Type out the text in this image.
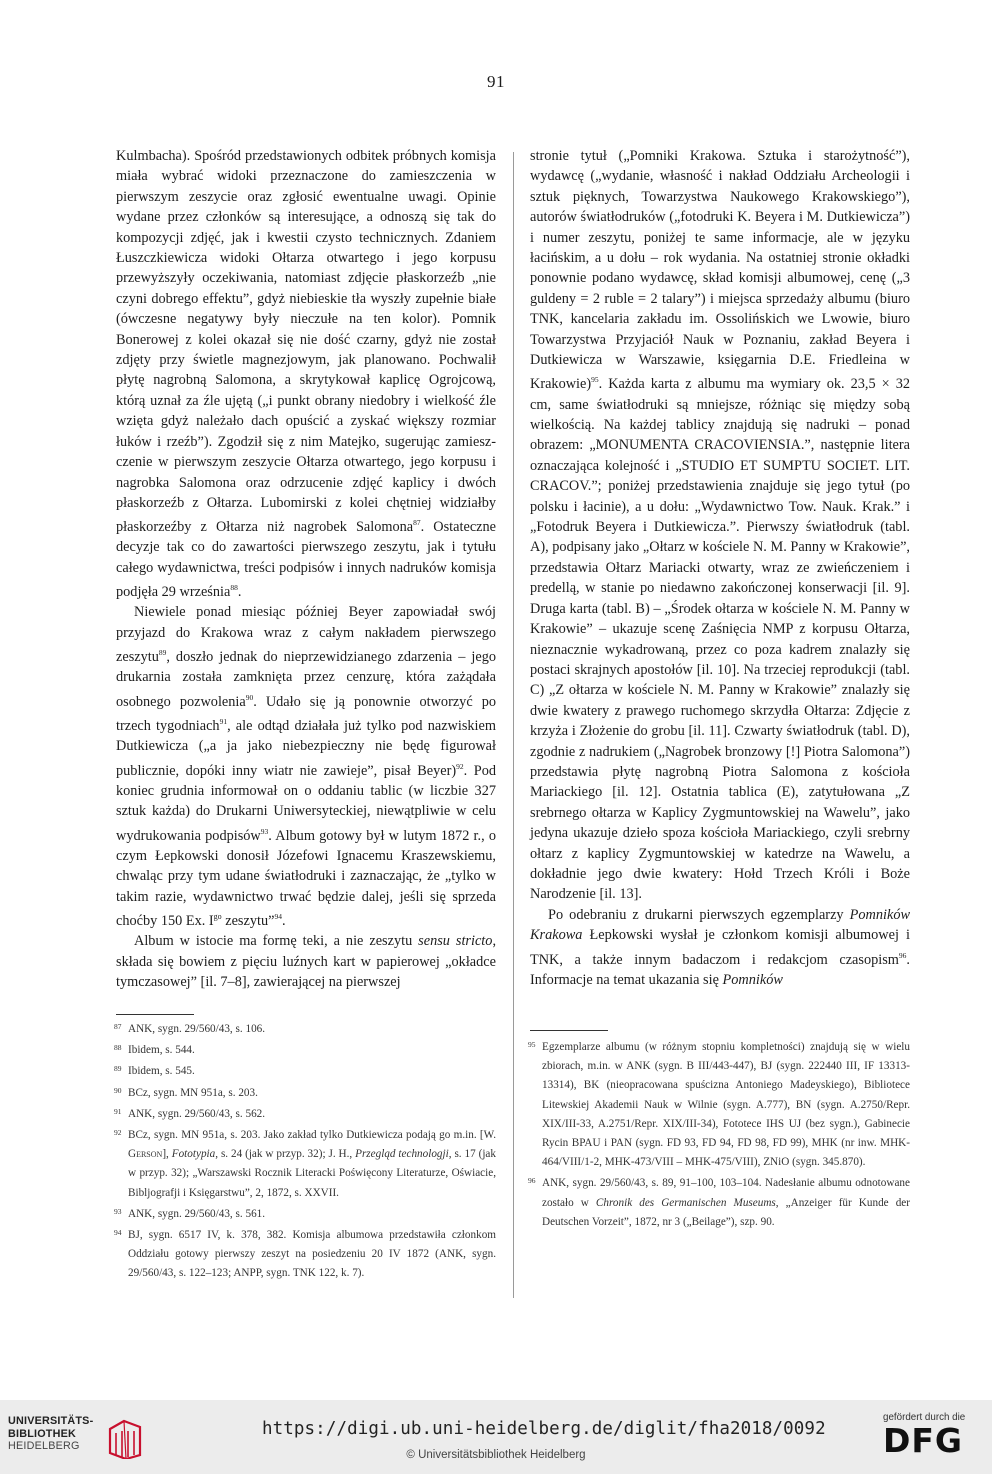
91

Kulmbacha). Spośród przedstawionych odbitek próbnych komisja miała wybrać widoki przeznaczone do zamieszczenia w pierwszym zeszycie oraz zgłosić ewentualne uwagi. Opinie wydane przez członków są interesujące, a odnoszą się tak do kompozycji zdjęć, jak i kwestii czysto technicznych. Zdaniem Łuszczkiewicza widoki Ołtarza otwartego i jego korpusu przewyższyły oczekiwania, natomiast zdjęcie płaskorzeźb „nie czyni dobrego effektu”, gdyż niebieskie tła wyszły zupełnie białe (ówczesne negatywy były nieczułe na ten kolor). Pomnik Bonerowej z kolei okazał się nie dość czarny, gdyż nie został zdjęty przy świetle magnezjowym, jak planowano. Pochwalił płytę nagrobną Salomona, a skrytykował kaplicę Ogrojcową, którą uznał za źle ujętą („i punkt obrany niedobry i wielkość źle wzięta gdyż należało dach opuścić a zyskać większy rozmiar łuków i rzeźb”). Zgodził się z nim Matejko, sugerując zamieszczenie w pierwszym zeszycie Ołtarza otwartego, jego korpusu i nagrobka Salomona oraz odrzucenie zdjęć kaplicy i dwóch płaskorzeźb z Ołtarza. Lubomirski z kolei chętniej widziałby płaskorzeźby z Ołtarza niż nagrobek Salomona$^{87}$. Ostateczne decyzje tak co do zawartości pierwszego zeszytu, jak i tytułu całego wydawnictwa, treści podpisów i innych nadruków komisja podjęła 29 września$^{88}$.

Niewiele ponad miesiąc później Beyer zapowiadał swój przyjazd do Krakowa wraz z całym nakładem pierwszego zeszytu$^{89}$, doszło jednak do nieprzewidzianego zdarzenia – jego drukarnia została zamknięta przez cenzurę, która zażądała osobnego pozwolenia$^{90}$. Udało się ją ponownie otworzyć po trzech tygodniach$^{91}$, ale odtąd działała już tylko pod nazwiskiem Dutkiewicza („a ja jako niebezpieczny nie będę figurował publicznie, dopóki inny wiatr nie zawieje”, pisał Beyer)$^{92}$. Pod koniec grudnia informował on o oddaniu tablic (w liczbie 327 sztuk każda) do Drukarni Uniwersyteckiej, niewątpliwie w celu wydrukowania podpisów$^{93}$. Album gotowy był w lutym 1872 r., o czym Łepkowski donosił Józefowi Ignacemu Kraszewskiemu, chwaląc przy tym udane światłodruki i zaznaczając, że „tylko w takim razie, wydawnictwo trwać będzie dalej, jeśli się sprzeda choćby 150 Ex. $I^{go}$ zeszytu”$^{94}$.

Album w istocie ma formę teki, a nie zeszytu sensu stricto, składa się bowiem z pięciu luźnych kart w papierowej „okładce tymczasowej” [il. 7–8], zawierającej na pierwszej

stronie tytuł („Pomniki Krakowa. Sztuka i starożytność”), wydawcę („wydanie, własność i nakład Oddziału Archeologii i sztuk pięknych, Towarzystwa Naukowego Krakowskiego”), autorów światłodruków („fotodruki K. Beyera i M. Dutkiewicza”) i numer zeszytu, poniżej te same informacje, ale w języku łacińskim, a u dołu – rok wydania. Na ostatniej stronie okładki ponownie podano wydawcę, skład komisji albumowej, cenę („3 guldeny = 2 ruble = 2 talary”) i miejsca sprzedaży albumu (biuro TNK, kancelaria zakładu im. Ossolińskich we Lwowie, biuro Towarzystwa Przyjaciół Nauk w Poznaniu, zakład Beyera i Dutkiewicza w Warszawie, księgarnia D.E. Friedleina w Krakowie)$^{95}$. Każda karta z albumu ma wymiary ok. 23,5 × 32 cm, same światłodruki są mniejsze, różniąc się między sobą wielkością. Na każdej tablicy znajdują się nadruki – ponad obrazem: „MONUMENTA CRACOVIENSIA.”, następnie litera oznaczająca kolejność i „STUDIO ET SUMPTU SOCIET. LIT. CRACOV.”; poniżej przedstawienia znajduje się jego tytuł (po polsku i łacinie), a u dołu: „Wydawnictwo Tow. Nauk. Krak.” i „Fotodruk Beyera i Dutkiewicza.”. Pierwszy światłodruk (tabl. A), podpisany jako „Ołtarz w kościele N. M. Panny w Krakowie”, przedstawia Ołtarz Mariacki otwarty, wraz ze zwieńczeniem i predellą, w stanie po niedawno zakończonej konserwacji [il. 9]. Druga karta (tabl. B) – „Środek ołtarza w kościele N. M. Panny w Krakowie” – ukazuje scenę Zaśnięcia NMP z korpusu Ołtarza, nieznacznie wykadrowaną, przez co poza kadrem znalazły się postaci skrajnych apostołów [il. 10]. Na trzeciej reprodukcji (tabl. C) „Z ołtarza w kościele N. M. Panny w Krakowie” znalazły się dwie kwatery z prawego ruchomego skrzydła Ołtarza: Zdjęcie z krzyża i Złożenie do grobu [il. 11]. Czwarty światłodruk (tabl. D), zgodnie z nadrukiem („Nagrobek bronzowy [!] Piotra Salomona”) przedstawia płytę nagrobną Piotra Salomona z kościoła Mariackiego [il. 12]. Ostatnia tablica (E), zatytułowana „Z srebrnego ołtarza w Kaplicy Zygmuntowskiej na Wawelu”, jako jedyna ukazuje dzieło spoza kościoła Mariackiego, czyli srebrny ołtarz z kaplicy Zygmuntowskiej w katedrze na Wawelu, a dokładnie jego dwie kwatery: Hołd Trzech Króli i Boże Narodzenie [il. 13].

Po odebraniu z drukarni pierwszych egzemplarzy Pomników Krakowa Łepkowski wysłał je członkom komisji albumowej i TNK, a także innym badaczom i redakcjom czasopism$^{96}$. Informacje na temat ukazania się Pomników

87 ANK, sygn. 29/560/43, s. 106.

88 Ibidem, s. 544.

89 Ibidem, s. 545.

90 BCz, sygn. MN 951a, s. 203.

91 ANK, sygn. 29/560/43, s. 562.

92 BCz, sygn. MN 951a, s. 203. Jako zakład tylko Dutkiewicza podają go m.in. [W. Gerson], Fototypia, s. 24 (jak w przyp. 32); J. H., Przegląd technologji, s. 17 (jak w przyp. 32); „Warszawski Rocznik Literacki Poświęcony Literaturze, Oświacie, Bibljografji i Księgarstwu”, 2, 1872, s. XXVII.

93 ANK, sygn. 29/560/43, s. 561.

94 BJ, sygn. 6517 IV, k. 378, 382. Komisja albumowa przedstawiła członkom Oddziału gotowy pierwszy zeszyt na posiedzeniu 20 IV 1872 (ANK, sygn. 29/560/43, s. 122–123; ANPP, sygn. TNK 122, k. 7).

95 Egzemplarze albumu (w różnym stopniu kompletności) znajdują się w wielu zbiorach, m.in. w ANK (sygn. B III/443-447), BJ (sygn. 222440 III, IF 13313-13314), BK (nieopracowana spuścizna Antoniego Madeyskiego), Bibliotece Litewskiej Akademii Nauk w Wilnie (sygn. A.777), BN (sygn. A.2750/Repr. XIX/III-33, A.2751/Repr. XIX/III-34), Fototece IHS UJ (bez sygn.), Gabinecie Rycin BPAU i PAN (sygn. FD 93, FD 94, FD 98, FD 99), MHK (nr inw. MHK-464/VIII/1-2, MHK-473/VIII – MHK-475/VIII), ZNiO (sygn. 345.870).

96 ANK, sygn. 29/560/43, s. 89, 91–100, 103–104. Nadesłanie albumu odnotowane zostało w Chronik des Germanischen Museums, „Anzeiger für Kunde der Deutschen Vorzeit”, 1872, nr 3 („Beilage”), szp. 90.

UNIVERSITÄTS-
BIBLIOTHEK
HEIDELBERG
https://digi.ub.uni-heidelberg.de/diglit/fha2018/0092
© Universitätsbibliothek Heidelberg
gefördert durch die
DFG
